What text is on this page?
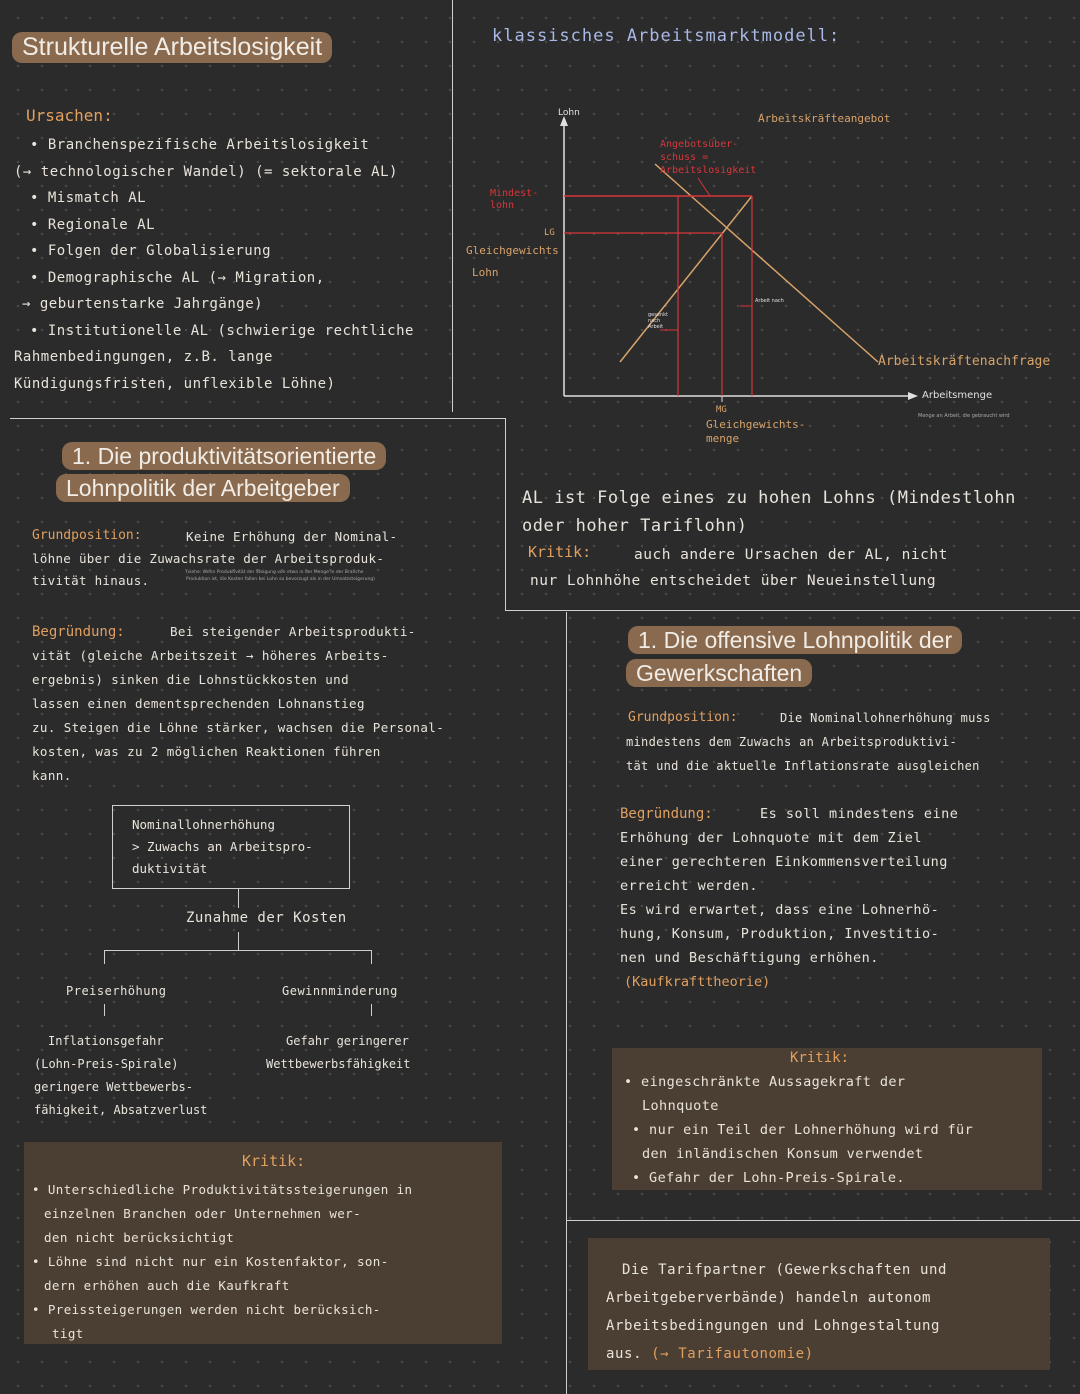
Strukturelle Arbeitslosigkeit
Ursachen:
• Branchenspezifische Arbeitslosigkeit
(→ technologischer Wandel) (= sektorale AL)
• Mismatch AL
• Regionale AL
• Folgen der Globalisierung
• Demographische AL (→ Migration,
→ geburtenstarke Jahrgänge)
• Institutionelle AL (schwierige rechtliche
Rahmenbedingungen, z.B. lange
Kündigungsfristen, unflexible Löhne)
klassisches Arbeitsmarktmodell:
Lohn	Arbeitskräfteangebot
Angebotsüber-
schuss =
Arbeitslosigkeit
Mindest-
lohn
LG
Gleichgewichts
Lohn
gesenkt
nach
Arbeit
Arbeit nach
Arbeitskräftenachfrage
Arbeitsmenge
Menge an Arbeit, die gebraucht wird
MG
Gleichgewichts-
menge
AL ist Folge eines zu hohen Lohns (Mindestlohn
oder hoher Tariflohn)
Kritik:	auch andere Ursachen der AL, nicht
nur Lohnhöhe entscheidet über Neueinstellung
1. Die produktivitätsorientierte
Lohnpolitik der Arbeitgeber
Grundposition:	Keine Erhöhung der Nominal-
löhne über die Zuwachsrate der Arbeitsproduk-
tivität hinaus.
(siehe: Wenn Produktivität der Steigung von etwa in der Menge in der Branche
Produktion ist, die Kosten fallen bei Lohn so bevorzugt als in der Umsatzsteigerung)
Begründung:	Bei steigender Arbeitsprodukti-
vität (gleiche Arbeitszeit → höheres Arbeits-
ergebnis) sinken die Lohnstückkosten und
lassen einen dementsprechenden Lohnanstieg
zu. Steigen die Löhne stärker, wachsen die Personal-
kosten, was zu 2 möglichen Reaktionen führen
kann.
Nominallohnerhöhung
> Zuwachs an Arbeitspro-
duktivität
Zunahme der Kosten
Preiserhöhung	Gewinnminderung
Inflationsgefahr
(Lohn-Preis-Spirale)
geringere Wettbewerbs-
fähigkeit, Absatzverlust
Gefahr geringerer
Wettbewerbsfähigkeit
Kritik:
• Unterschiedliche Produktivitätssteigerungen in
einzelnen Branchen oder Unternehmen wer-
den nicht berücksichtigt
• Löhne sind nicht nur ein Kostenfaktor, son-
dern erhöhen auch die Kaufkraft
• Preissteigerungen werden nicht berücksich-
tigt
1. Die offensive Lohnpolitik der
Gewerkschaften
Grundposition:	Die Nominallohnerhöhung muss
mindestens dem Zuwachs an Arbeitsproduktivi-
tät und die aktuelle Inflationsrate ausgleichen
Begründung:	Es soll mindestens eine
Erhöhung der Lohnquote mit dem Ziel
einer gerechteren Einkommensverteilung
erreicht werden.
Es wird erwartet, dass eine Lohnerhö-
hung, Konsum, Produktion, Investitio-
nen und Beschäftigung erhöhen.
(Kaufkrafttheorie)
Kritik:
• eingeschränkte Aussagekraft der
Lohnquote
• nur ein Teil der Lohnerhöhung wird für
den inländischen Konsum verwendet
• Gefahr der Lohn-Preis-Spirale.
Die Tarifpartner (Gewerkschaften und
Arbeitgeberverbände) handeln autonom
Arbeitsbedingungen und Lohngestaltung
aus. (→ Tarifautonomie)
